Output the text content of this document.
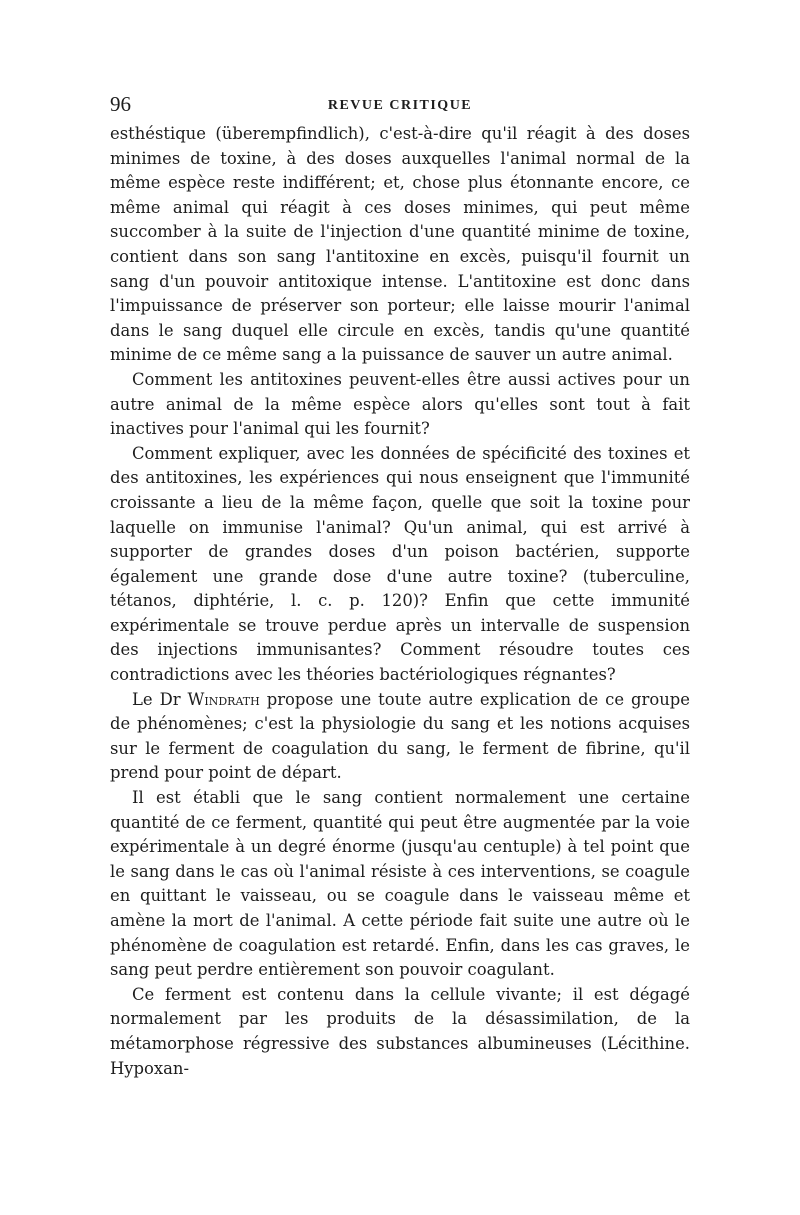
96	REVUE CRITIQUE

esthéstique (überempfindlich), c'est-à-dire qu'il réagit à des doses minimes de toxine, à des doses auxquelles l'animal normal de la même espèce reste indifférent; et, chose plus étonnante encore, ce même animal qui réagit à ces doses minimes, qui peut même succomber à la suite de l'injection d'une quantité minime de toxine, contient dans son sang l'antitoxine en excès, puisqu'il fournit un sang d'un pouvoir antitoxique intense. L'antitoxine est donc dans l'impuissance de préserver son porteur; elle laisse mourir l'animal dans le sang duquel elle circule en excès, tandis qu'une quantité minime de ce même sang a la puissance de sauver un autre animal.

Comment les antitoxines peuvent-elles être aussi actives pour un autre animal de la même espèce alors qu'elles sont tout à fait inactives pour l'animal qui les fournit?

Comment expliquer, avec les données de spécificité des toxines et des antitoxines, les expériences qui nous enseignent que l'immunité croissante a lieu de la même façon, quelle que soit la toxine pour laquelle on immunise l'animal? Qu'un animal, qui est arrivé à supporter de grandes doses d'un poison bactérien, supporte également une grande dose d'une autre toxine? (tuberculine, tétanos, diphtérie, l. c. p. 120)? Enfin que cette immunité expérimentale se trouve perdue après un intervalle de suspension des injections immunisantes? Comment résoudre toutes ces contradictions avec les théories bactériologiques régnantes?

Le Dr Windrath propose une toute autre explication de ce groupe de phénomènes; c'est la physiologie du sang et les notions acquises sur le ferment de coagulation du sang, le ferment de fibrine, qu'il prend pour point de départ.

Il est établi que le sang contient normalement une certaine quantité de ce ferment, quantité qui peut être augmentée par la voie expérimentale à un degré énorme (jusqu'au centuple) à tel point que le sang dans le cas où l'animal résiste à ces interventions, se coagule en quittant le vaisseau, ou se coagule dans le vaisseau même et amène la mort de l'animal. A cette période fait suite une autre où le phénomène de coagulation est retardé. Enfin, dans les cas graves, le sang peut perdre entièrement son pouvoir coagulant.

Ce ferment est contenu dans la cellule vivante; il est dégagé normalement par les produits de la désassimilation, de la métamorphose régressive des substances albumineuses (Lécithine. Hypoxan-
